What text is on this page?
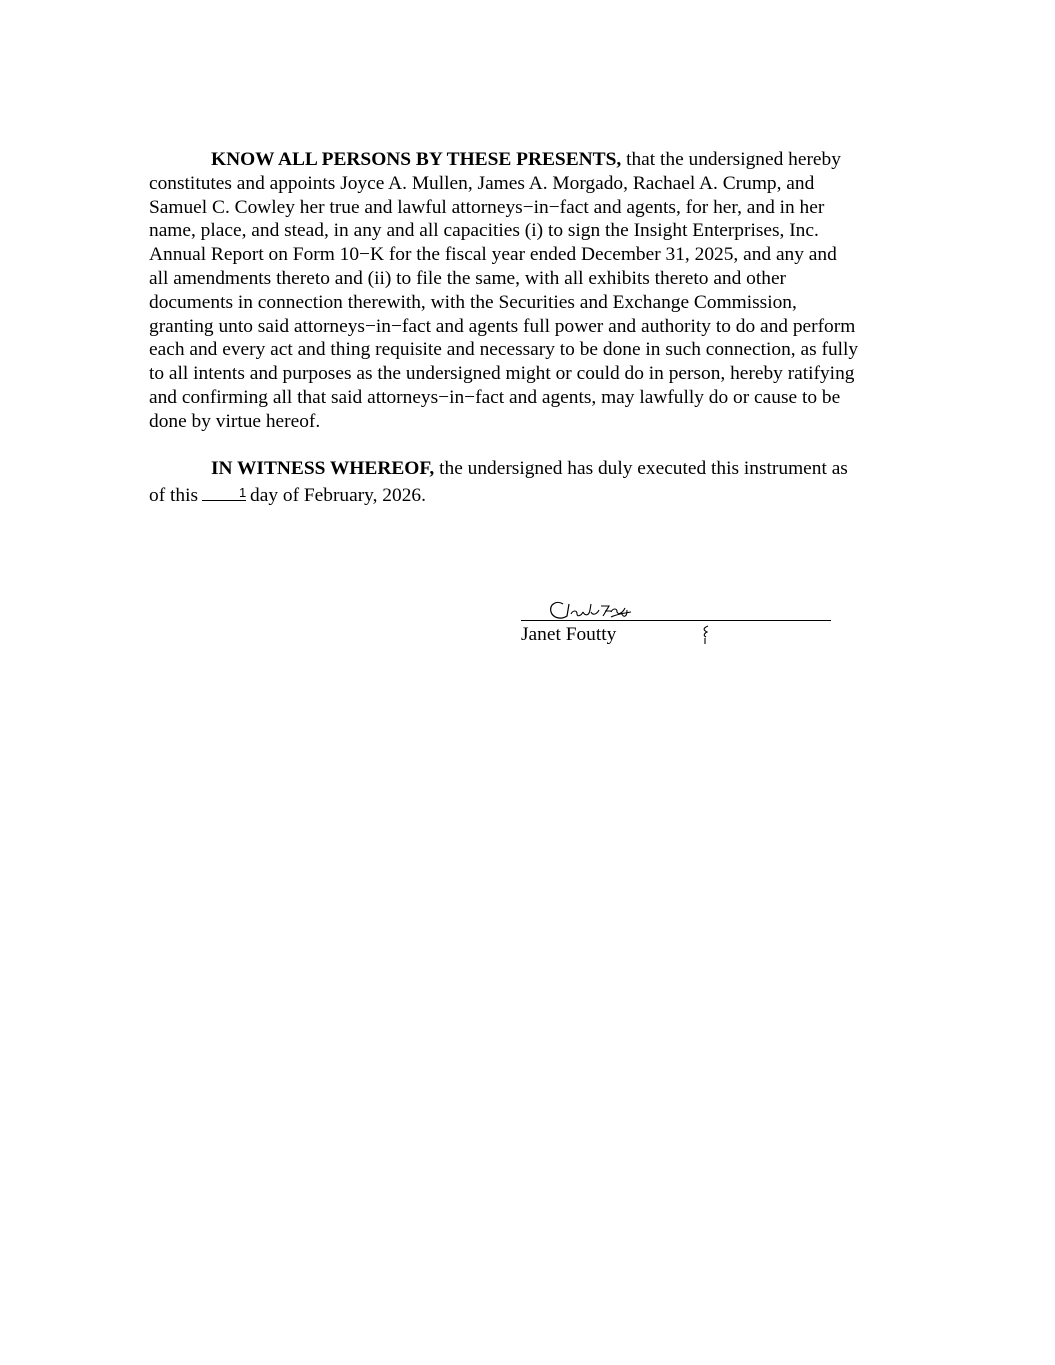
KNOW ALL PERSONS BY THESE PRESENTS, that the undersigned hereby
constitutes and appoints Joyce A. Mullen, James A. Morgado, Rachael A. Crump, and
Samuel C. Cowley her true and lawful attorneys−in−fact and agents, for her, and in her
name, place, and stead, in any and all capacities (i) to sign the Insight Enterprises, Inc.
Annual Report on Form 10−K for the fiscal year ended December 31, 2025, and any and
all amendments thereto and (ii) to file the same, with all exhibits thereto and other
documents in connection therewith, with the Securities and Exchange Commission,
granting unto said attorneys−in−fact and agents full power and authority to do and perform
each and every act and thing requisite and necessary to be done in such connection, as fully
to all intents and purposes as the undersigned might or could do in person, hereby ratifying
and confirming all that said attorneys−in−fact and agents, may lawfully do or cause to be
done by virtue hereof.

IN WITNESS WHEREOF, the undersigned has duly executed this instrument as
of this	1 day of February, 2026.

Janet Foutty
